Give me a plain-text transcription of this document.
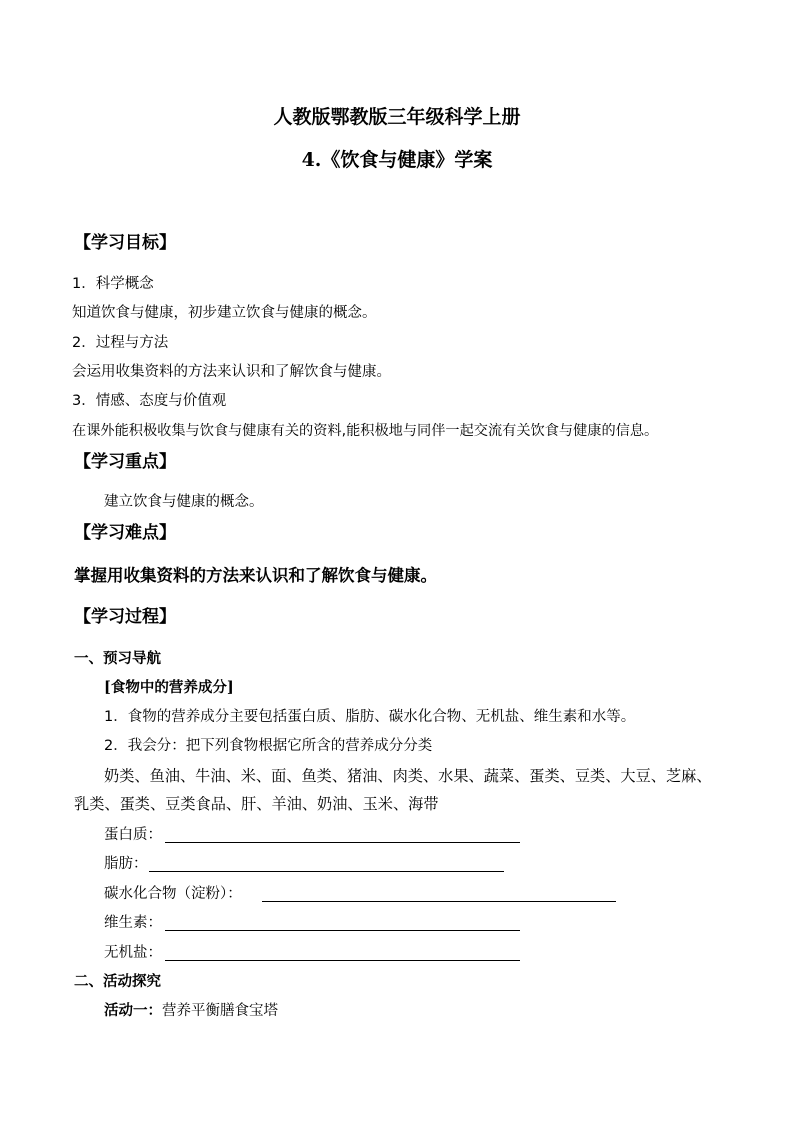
人教版鄂教版三年级科学上册
4.《饮食与健康》学案
【学习目标】
1．科学概念
知道饮食与健康，初步建立饮食与健康的概念。
2．过程与方法
会运用收集资料的方法来认识和了解饮食与健康。
3．情感、态度与价值观
在课外能积极收集与饮食与健康有关的资料,能积极地与同伴一起交流有关饮食与健康的信息。
【学习重点】
建立饮食与健康的概念。
【学习难点】
掌握用收集资料的方法来认识和了解饮食与健康。
【学习过程】
一、预习导航
[食物中的营养成分]
1．食物的营养成分主要包括蛋白质、脂肪、碳水化合物、无机盐、维生素和水等。
2．我会分：把下列食物根据它所含的营养成分分类
奶类、鱼油、牛油、米、面、鱼类、猪油、肉类、水果、蔬菜、蛋类、豆类、大豆、芝麻、
乳类、蛋类、豆类食品、肝、羊油、奶油、玉米、海带
蛋白质：
脂肪：
碳水化合物（淀粉）：
维生素：
无机盐：
二、活动探究
活动一：营养平衡膳食宝塔
